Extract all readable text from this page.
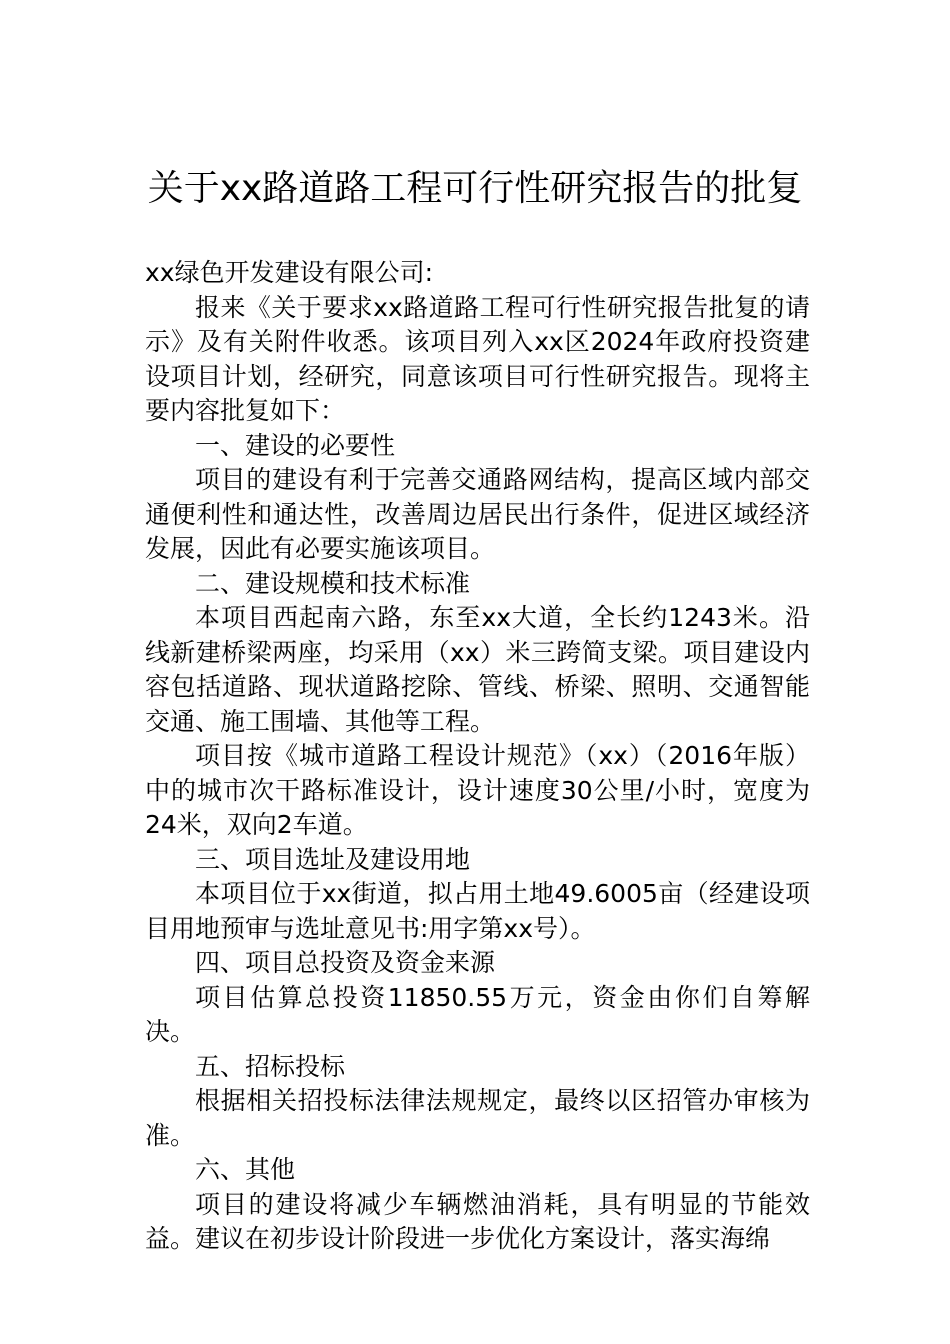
关于xx路道路工程可行性研究报告的批复

xx绿色开发建设有限公司:

报来《关于要求xx路道路工程可行性研究报告批复的请示》及有关附件收悉。该项目列入xx区2024年政府投资建设项目计划，经研究，同意该项目可行性研究报告。现将主要内容批复如下：

一、建设的必要性

项目的建设有利于完善交通路网结构，提高区域内部交通便利性和通达性，改善周边居民出行条件，促进区域经济发展，因此有必要实施该项目。

二、建设规模和技术标准

本项目西起南六路，东至xx大道，全长约1243米。沿线新建桥梁两座，均采用（xx）米三跨简支梁。项目建设内容包括道路、现状道路挖除、管线、桥梁、照明、交通智能交通、施工围墙、其他等工程。

项目按《城市道路工程设计规范》（xx）（2016年版）中的城市次干路标准设计，设计速度30公里/小时，宽度为24米，双向2车道。

三、项目选址及建设用地

本项目位于xx街道，拟占用土地49.6005亩（经建设项目用地预审与选址意见书:用字第xx号）。

四、项目总投资及资金来源

项目估算总投资11850.55万元，资金由你们自筹解决。

五、招标投标

根据相关招投标法律法规规定，最终以区招管办审核为准。

六、其他

项目的建设将减少车辆燃油消耗，具有明显的节能效益。建议在初步设计阶段进一步优化方案设计，落实海绵
